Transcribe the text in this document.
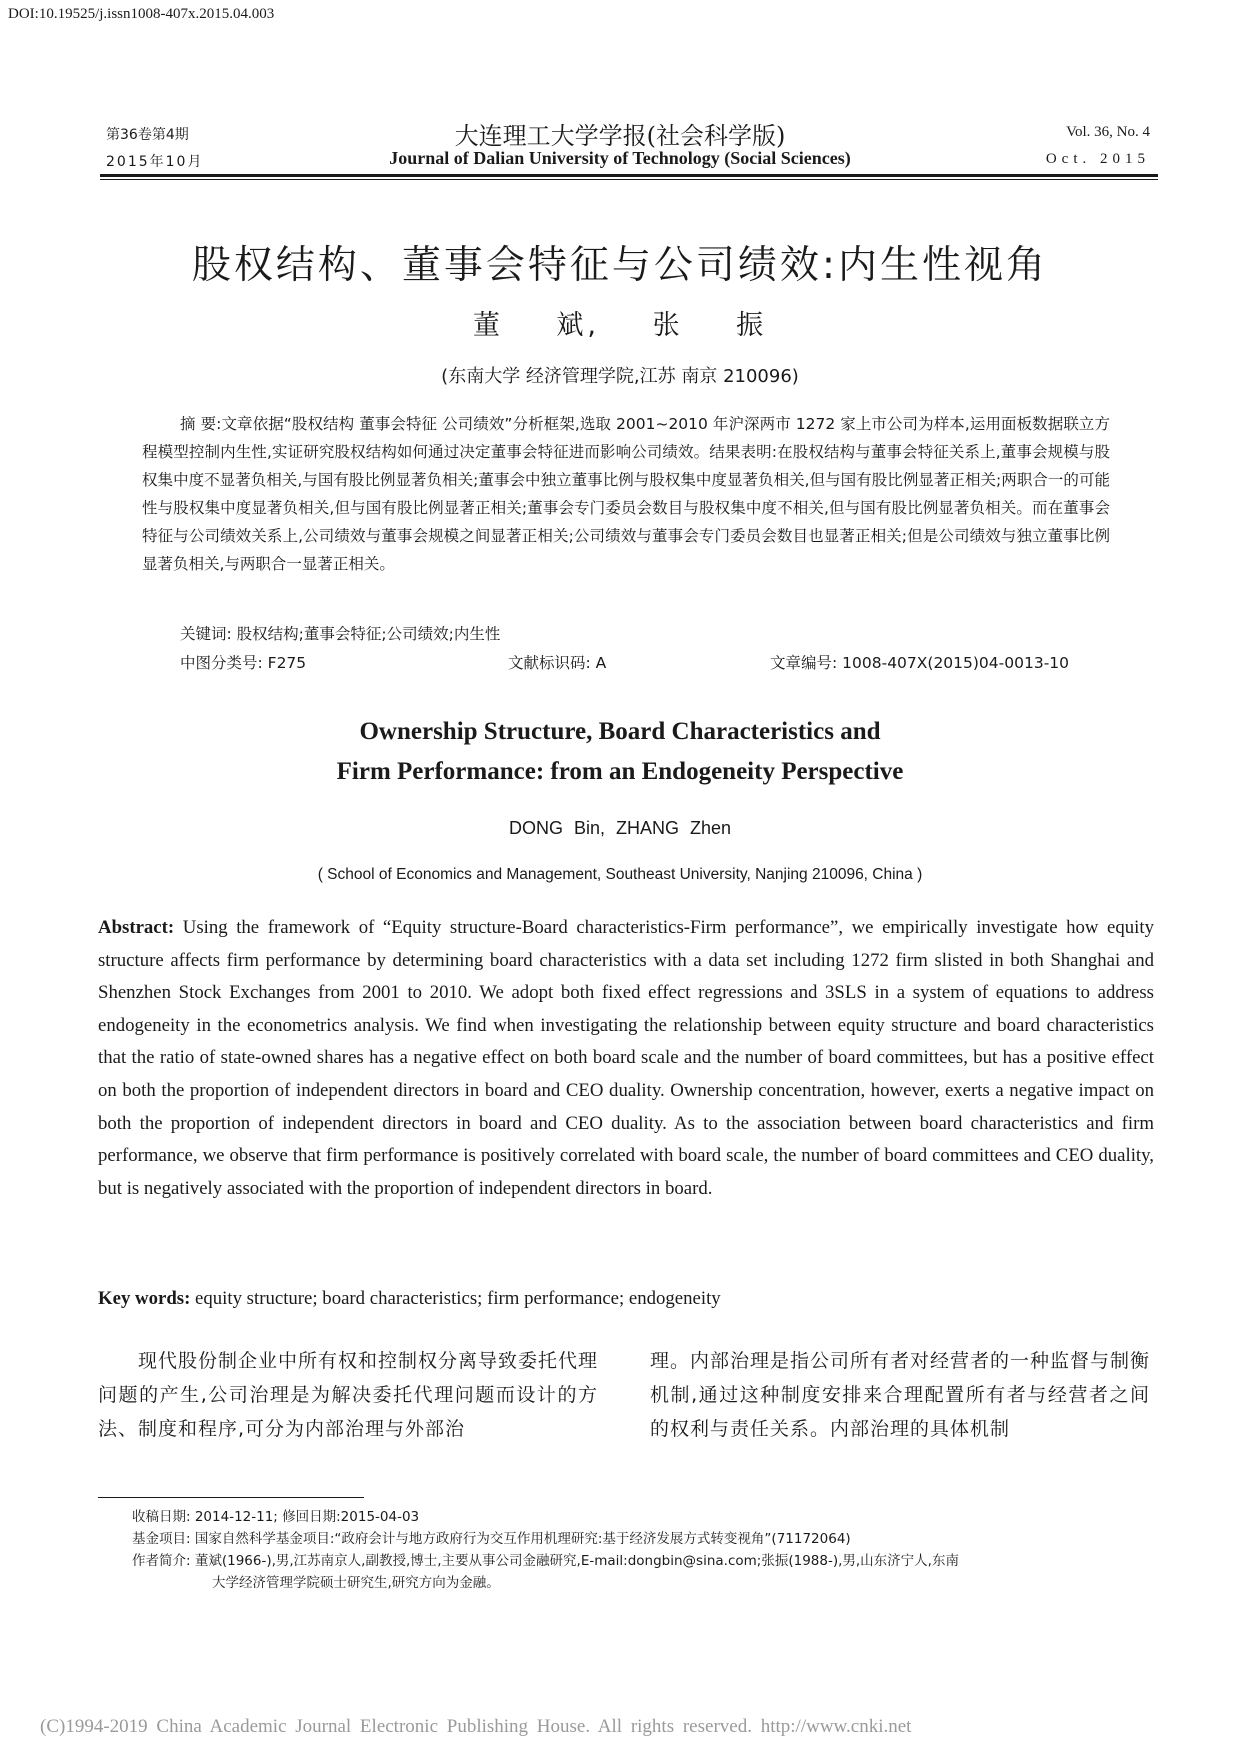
DOI:10.19525/j.issn1008-407x.2015.04.003
第36卷第4期
2015年10月
大连理工大学学报(社会科学版)
Journal of Dalian University of Technology (Social Sciences)
Vol. 36, No. 4
Oct. 2015
股权结构、董事会特征与公司绩效:内生性视角
董 斌, 张 振
(东南大学 经济管理学院,江苏 南京 210096)
摘 要:文章依据“股权结构 董事会特征 公司绩效”分析框架,选取 2001~2010 年沪深两市 1272 家上市公司为样本,运用面板数据联立方程模型控制内生性,实证研究股权结构如何通过决定董事会特征进而影响公司绩效。结果表明:在股权结构与董事会特征关系上,董事会规模与股权集中度不显著负相关,与国有股比例显著负相关;董事会中独立董事比例与股权集中度显著负相关,但与国有股比例显著正相关;两职合一的可能性与股权集中度显著负相关,但与国有股比例显著正相关;董事会专门委员会数目与股权集中度不相关,但与国有股比例显著负相关。而在董事会特征与公司绩效关系上,公司绩效与董事会规模之间显著正相关;公司绩效与董事会专门委员会数目也显著正相关;但是公司绩效与独立董事比例显著负相关,与两职合一显著正相关。
关键词: 股权结构;董事会特征;公司绩效;内生性
中图分类号: F275	文献标识码: A	文章编号: 1008-407X(2015)04-0013-10
Ownership Structure, Board Characteristics and
Firm Performance: from an Endogeneity Perspective
DONG Bin, ZHANG Zhen
( School of Economics and Management, Southeast University, Nanjing 210096, China )
Abstract: Using the framework of “Equity structure-Board characteristics-Firm performance”, we empirically investigate how equity structure affects firm performance by determining board characteristics with a data set including 1272 firm slisted in both Shanghai and Shenzhen Stock Exchanges from 2001 to 2010. We adopt both fixed effect regressions and 3SLS in a system of equations to address endogeneity in the econometrics analysis. We find when investigating the relationship between equity structure and board characteristics that the ratio of state-owned shares has a negative effect on both board scale and the number of board committees, but has a positive effect on both the proportion of independent directors in board and CEO duality. Ownership concentration, however, exerts a negative impact on both the proportion of independent directors in board and CEO duality. As to the association between board characteristics and firm performance, we observe that firm performance is positively correlated with board scale, the number of board committees and CEO duality, but is negatively associated with the proportion of independent directors in board.
Key words: equity structure; board characteristics; firm performance; endogeneity
现代股份制企业中所有权和控制权分离导致委托代理问题的产生,公司治理是为解决委托代理问题而设计的方法、制度和程序,可分为内部治理与外部治
理。内部治理是指公司所有者对经营者的一种监督与制衡机制,通过这种制度安排来合理配置所有者与经营者之间的权利与责任关系。内部治理的具体机制
收稿日期: 2014-12-11; 修回日期:2015-04-03
基金项目: 国家自然科学基金项目:“政府会计与地方政府行为交互作用机理研究:基于经济发展方式转变视角”(71172064)
作者简介: 董斌(1966-),男,江苏南京人,副教授,博士,主要从事公司金融研究,E-mail:dongbin@sina.com;张振(1988-),男,山东济宁人,东南
大学经济管理学院硕士研究生,研究方向为金融。
(C)1994-2019 China Academic Journal Electronic Publishing House. All rights reserved. http://www.cnki.net
